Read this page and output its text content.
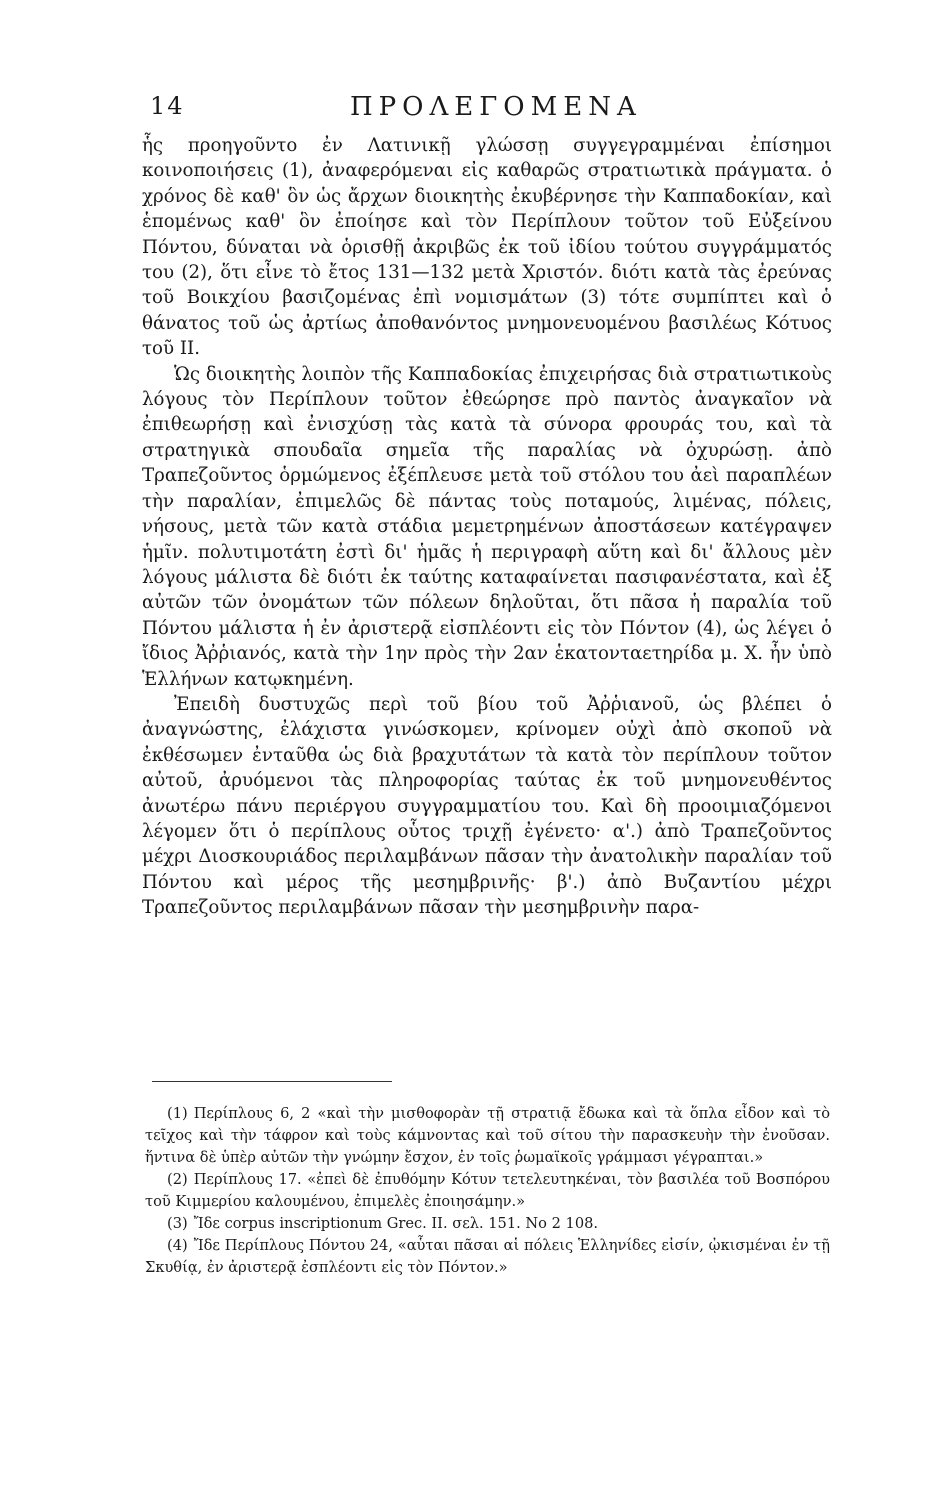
14	ΠΡΟΛΕΓΟΜΕΝΑ

ἧς προηγοῦντο ἐν Λατινικῇ γλώσσῃ συγγεγραμμέναι ἐπίσημοι κοινοποιήσεις (1), ἀναφερόμεναι εἰς καθαρῶς στρατιωτικὰ πράγματα. ὁ χρόνος δὲ καθ' ὃν ὡς ἄρχων διοικητὴς ἐκυβέρνησε τὴν Καππαδοκίαν, καὶ ἑπομένως καθ' ὃν ἐποίησε καὶ τὸν Περίπλουν τοῦτον τοῦ Εὐξείνου Πόντου, δύναται νὰ ὁρισθῇ ἀκριβῶς ἐκ τοῦ ἰδίου τούτου συγγράμματός του (2), ὅτι εἶνε τὸ ἔτος 131—132 μετὰ Χριστόν. διότι κατὰ τὰς ἐρεύνας τοῦ Βοικχίου βασιζομένας ἐπὶ νομισμάτων (3) τότε συμπίπτει καὶ ὁ θάνατος τοῦ ὡς ἀρτίως ἀποθανόντος μνημονευομένου βασιλέως Κότυος τοῦ ΙΙ.

Ὡς διοικητὴς λοιπὸν τῆς Καππαδοκίας ἐπιχειρήσας διὰ στρατιωτικοὺς λόγους τὸν Περίπλουν τοῦτον ἐθεώρησε πρὸ παντὸς ἀναγκαῖον νὰ ἐπιθεωρήσῃ καὶ ἐνισχύσῃ τὰς κατὰ τὰ σύνορα φρουράς του, καὶ τὰ στρατηγικὰ σπουδαῖα σημεῖα τῆς παραλίας νὰ ὀχυρώσῃ. ἀπὸ Τραπεζοῦντος ὁρμώμενος ἐξέπλευσε μετὰ τοῦ στόλου του ἀεὶ παραπλέων τὴν παραλίαν, ἐπιμελῶς δὲ πάντας τοὺς ποταμούς, λιμένας, πόλεις, νήσους, μετὰ τῶν κατὰ στάδια μεμετρημένων ἀποστάσεων κατέγραψεν ἡμῖν. πολυτιμοτάτη ἐστὶ δι' ἡμᾶς ἡ περιγραφὴ αὕτη καὶ δι' ἄλλους μὲν λόγους μάλιστα δὲ διότι ἐκ ταύτης καταφαίνεται πασιφανέστατα, καὶ ἐξ αὐτῶν τῶν ὀνομάτων τῶν πόλεων δηλοῦται, ὅτι πᾶσα ἡ παραλία τοῦ Πόντου μάλιστα ἡ ἐν ἀριστερᾷ εἰσπλέοντι εἰς τὸν Πόντον (4), ὡς λέγει ὁ ἴδιος Ἀῤῥιανός, κατὰ τὴν 1ην πρὸς τὴν 2αν ἑκατονταετηρίδα μ. Χ. ἦν ὑπὸ Ἑλλήνων κατῳκημένη.

Ἐπειδὴ δυστυχῶς περὶ τοῦ βίου τοῦ Ἀῤῥιανοῦ, ὡς βλέπει ὁ ἀναγνώστης, ἐλάχιστα γινώσκομεν, κρίνομεν οὐχὶ ἀπὸ σκοποῦ νὰ ἐκθέσωμεν ἐνταῦθα ὡς διὰ βραχυτάτων τὰ κατὰ τὸν περίπλουν τοῦτον αὐτοῦ, ἀρυόμενοι τὰς πληροφορίας ταύτας ἐκ τοῦ μνημονευθέντος ἀνωτέρω πάνυ περιέργου συγγραμματίου του. Καὶ δὴ προοιμιαζόμενοι λέγομεν ὅτι ὁ περίπλους οὗτος τριχῇ ἐγένετο· α'.) ἀπὸ Τραπεζοῦντος μέχρι Διοσκουριάδος περιλαμβάνων πᾶσαν τὴν ἀνατολικὴν παραλίαν τοῦ Πόντου καὶ μέρος τῆς μεσημβρινῆς· β'.) ἀπὸ Βυζαντίου μέχρι Τραπεζοῦντος περιλαμβάνων πᾶσαν τὴν μεσημβρινὴν παρα-

(1) Περίπλους 6, 2 «καὶ τὴν μισθοφορὰν τῇ στρατιᾷ ἔδωκα καὶ τὰ ὅπλα εἶδον καὶ τὸ τεῖχος καὶ τὴν τάφρον καὶ τοὺς κάμνοντας καὶ τοῦ σίτου τὴν παρασκευὴν τὴν ἐνοῦσαν. ἥντινα δὲ ὑπὲρ αὐτῶν τὴν γνώμην ἔσχον, ἐν τοῖς ῥωμαϊκοῖς γράμμασι γέγραπται.»

(2) Περίπλους 17. «ἐπεὶ δὲ ἐπυθόμην Κότυν τετελευτηκέναι, τὸν βασιλέα τοῦ Βοσπόρου τοῦ Κιμμερίου καλουμένου, ἐπιμελὲς ἐποιησάμην.»

(3) Ἴδε corpus inscriptionum Grec. II. σελ. 151. Νο 2 108.

(4) Ἴδε Περίπλους Πόντου 24, «αὗται πᾶσαι αἱ πόλεις Ἑλληνίδες εἰσίν, ᾠκισμέναι ἐν τῇ Σκυθίᾳ, ἐν ἀριστερᾷ ἐσπλέοντι εἰς τὸν Πόντον.»
